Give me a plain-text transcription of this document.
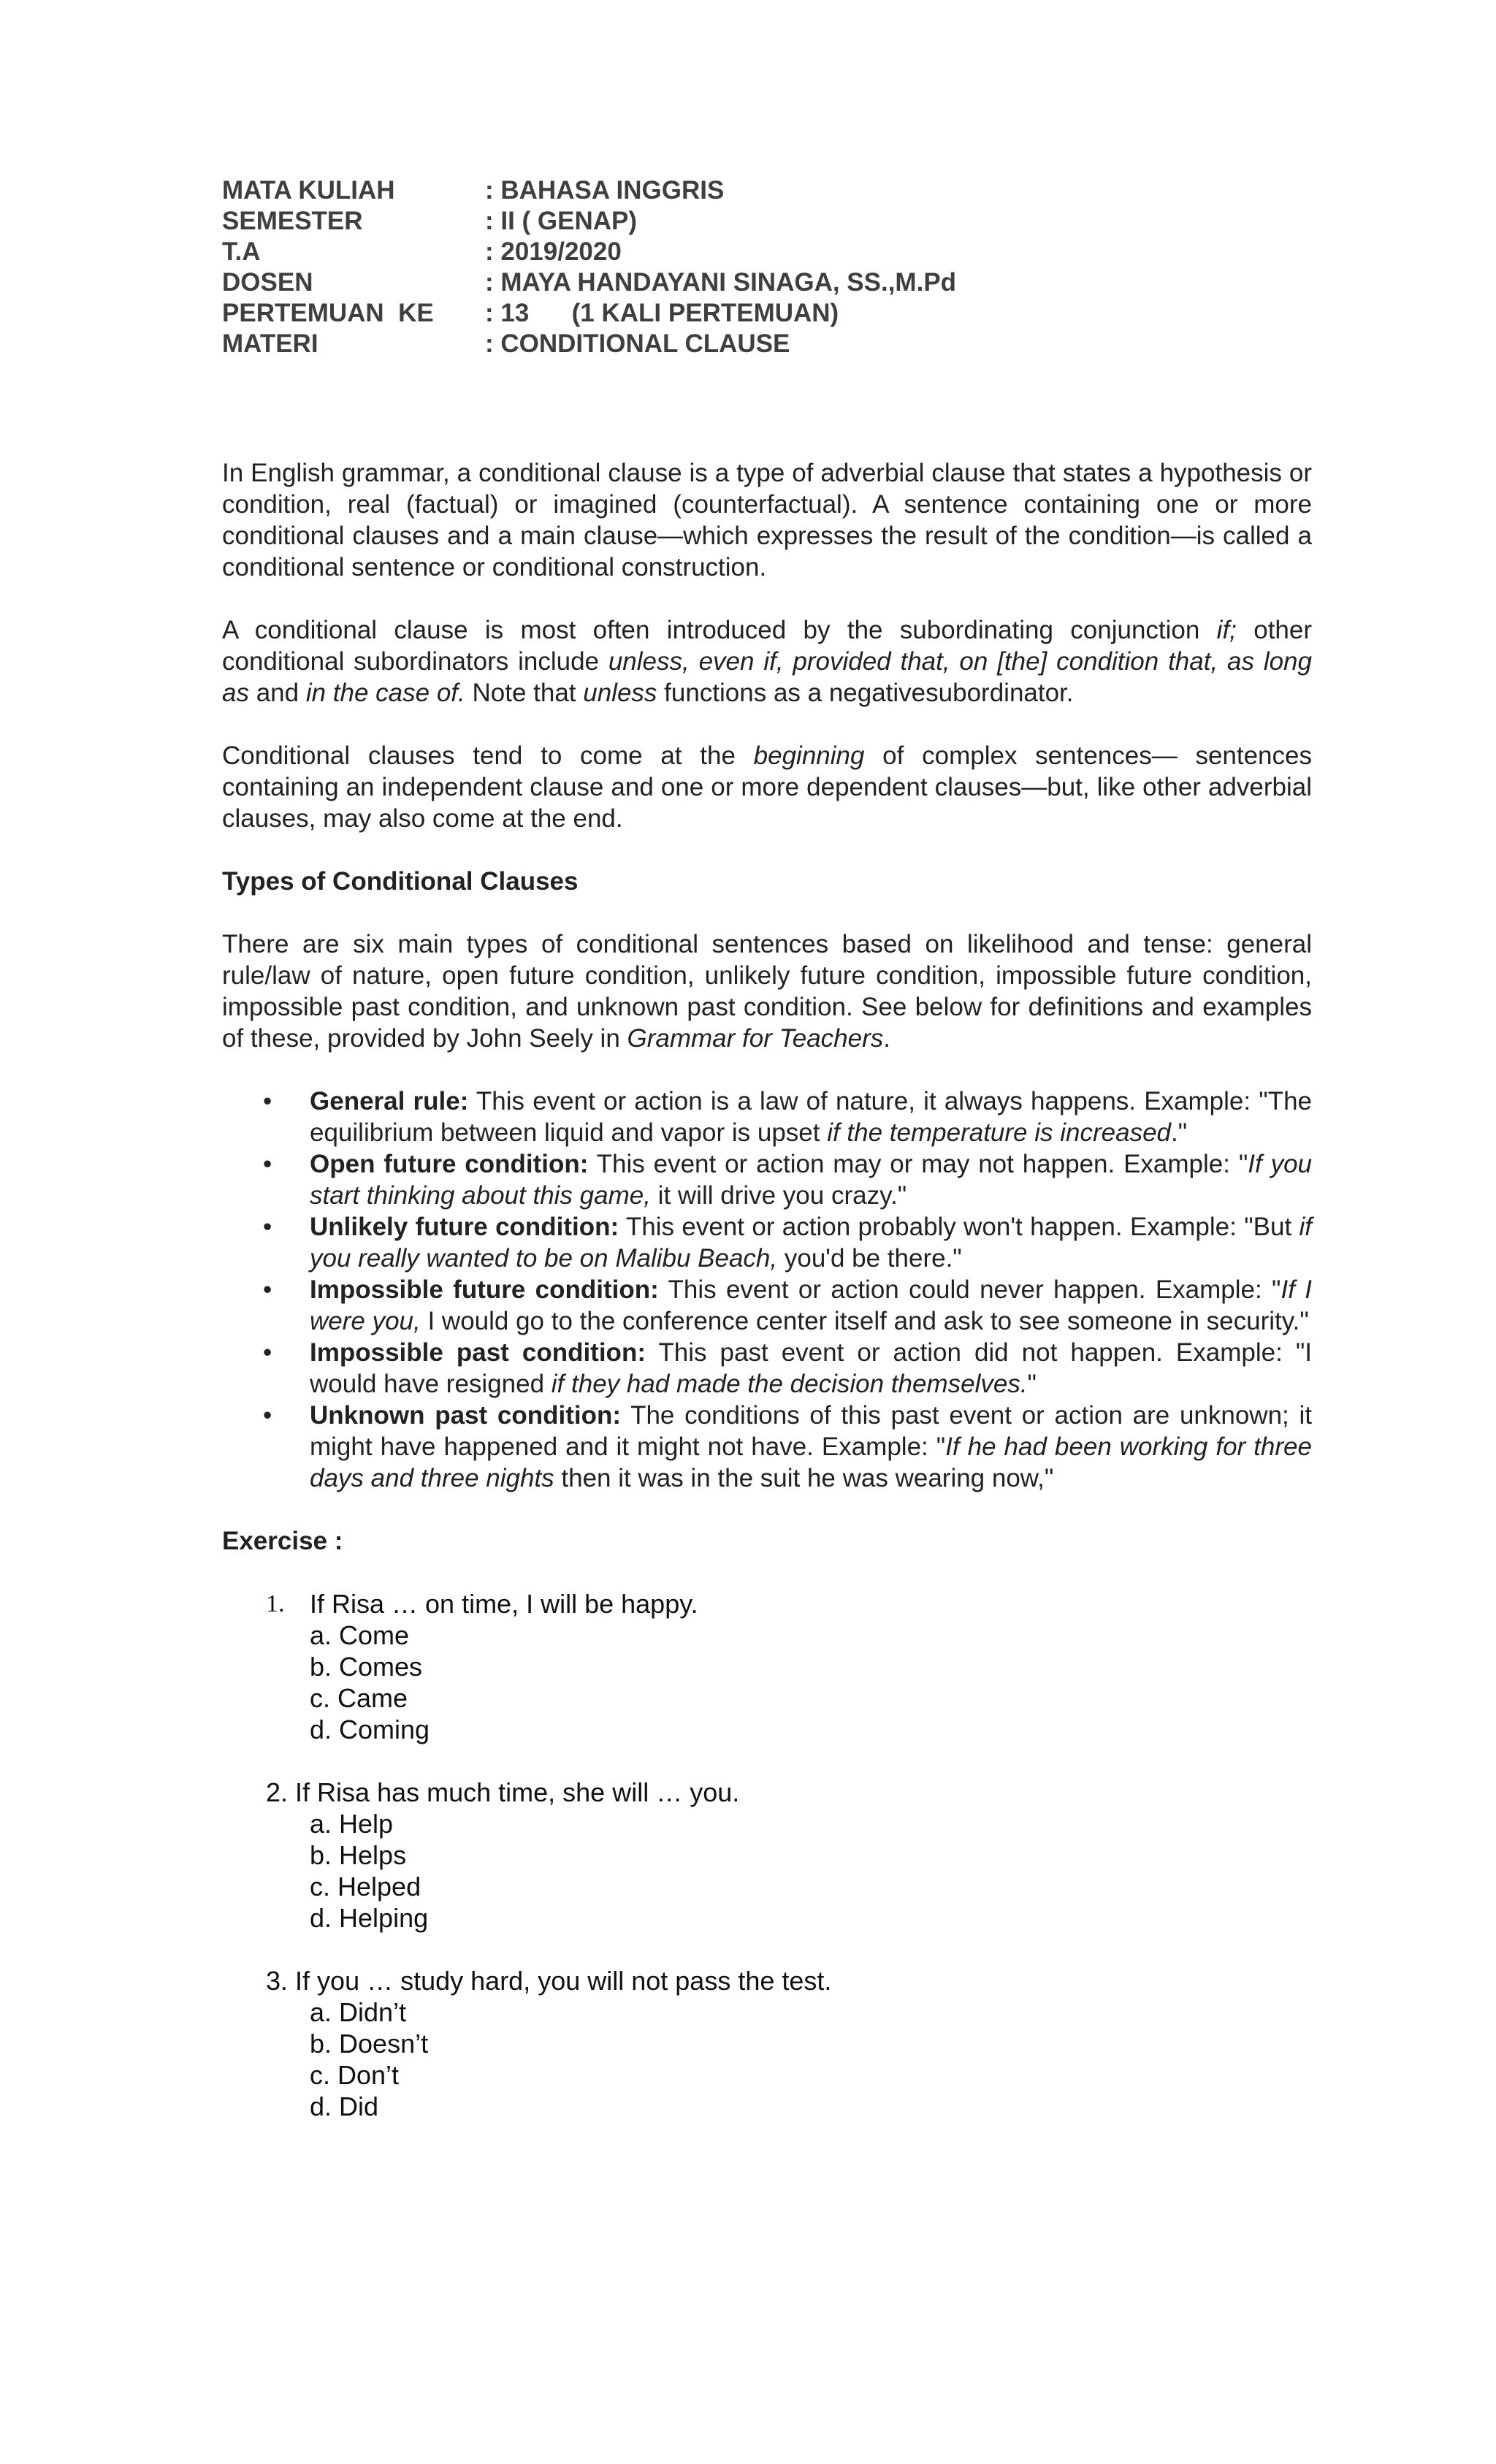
MATA KULIAH	: BAHASA INGGRIS
SEMESTER	: II ( GENAP)
T.A	: 2019/2020
DOSEN	: MAYA HANDAYANI SINAGA, SS.,M.Pd
PERTEMUAN  KE	: 13      (1 KALI PERTEMUAN)
MATERI	: CONDITIONAL CLAUSE

In English grammar, a conditional clause is a type of adverbial clause that states a hypothesis or condition, real (factual) or imagined (counterfactual). A sentence containing one or more conditional clauses and a main clause—which expresses the result of the condition—is called a conditional sentence or conditional construction.

A conditional clause is most often introduced by the subordinating conjunction if; other conditional subordinators include unless, even if, provided that, on [the] condition that, as long as and in the case of. Note that unless functions as a negativesubordinator.

Conditional clauses tend to come at the beginning of complex sentences— sentences containing an independent clause and one or more dependent clauses—but, like other adverbial clauses, may also come at the end.

Types of Conditional Clauses

There are six main types of conditional sentences based on likelihood and tense: general rule/law of nature, open future condition, unlikely future condition, impossible future condition, impossible past condition, and unknown past condition. See below for definitions and examples of these, provided by John Seely in Grammar for Teachers.

• General rule: This event or action is a law of nature, it always happens. Example: "The equilibrium between liquid and vapor is upset if the temperature is increased."
• Open future condition: This event or action may or may not happen. Example: "If you start thinking about this game, it will drive you crazy."
• Unlikely future condition: This event or action probably won't happen. Example: "But if you really wanted to be on Malibu Beach, you'd be there."
• Impossible future condition: This event or action could never happen. Example: "If I were you, I would go to the conference center itself and ask to see someone in security."
• Impossible past condition: This past event or action did not happen. Example: "I would have resigned if they had made the decision themselves."
• Unknown past condition: The conditions of this past event or action are unknown; it might have happened and it might not have. Example: "If he had been working for three days and three nights then it was in the suit he was wearing now,"

Exercise :

1. If Risa … on time, I will be happy.
a. Come
b. Comes
c. Came
d. Coming
2. If Risa has much time, she will … you.
a. Help
b. Helps
c. Helped
d. Helping
3. If you … study hard, you will not pass the test.
a. Didn’t
b. Doesn’t
c. Don’t
d. Did
